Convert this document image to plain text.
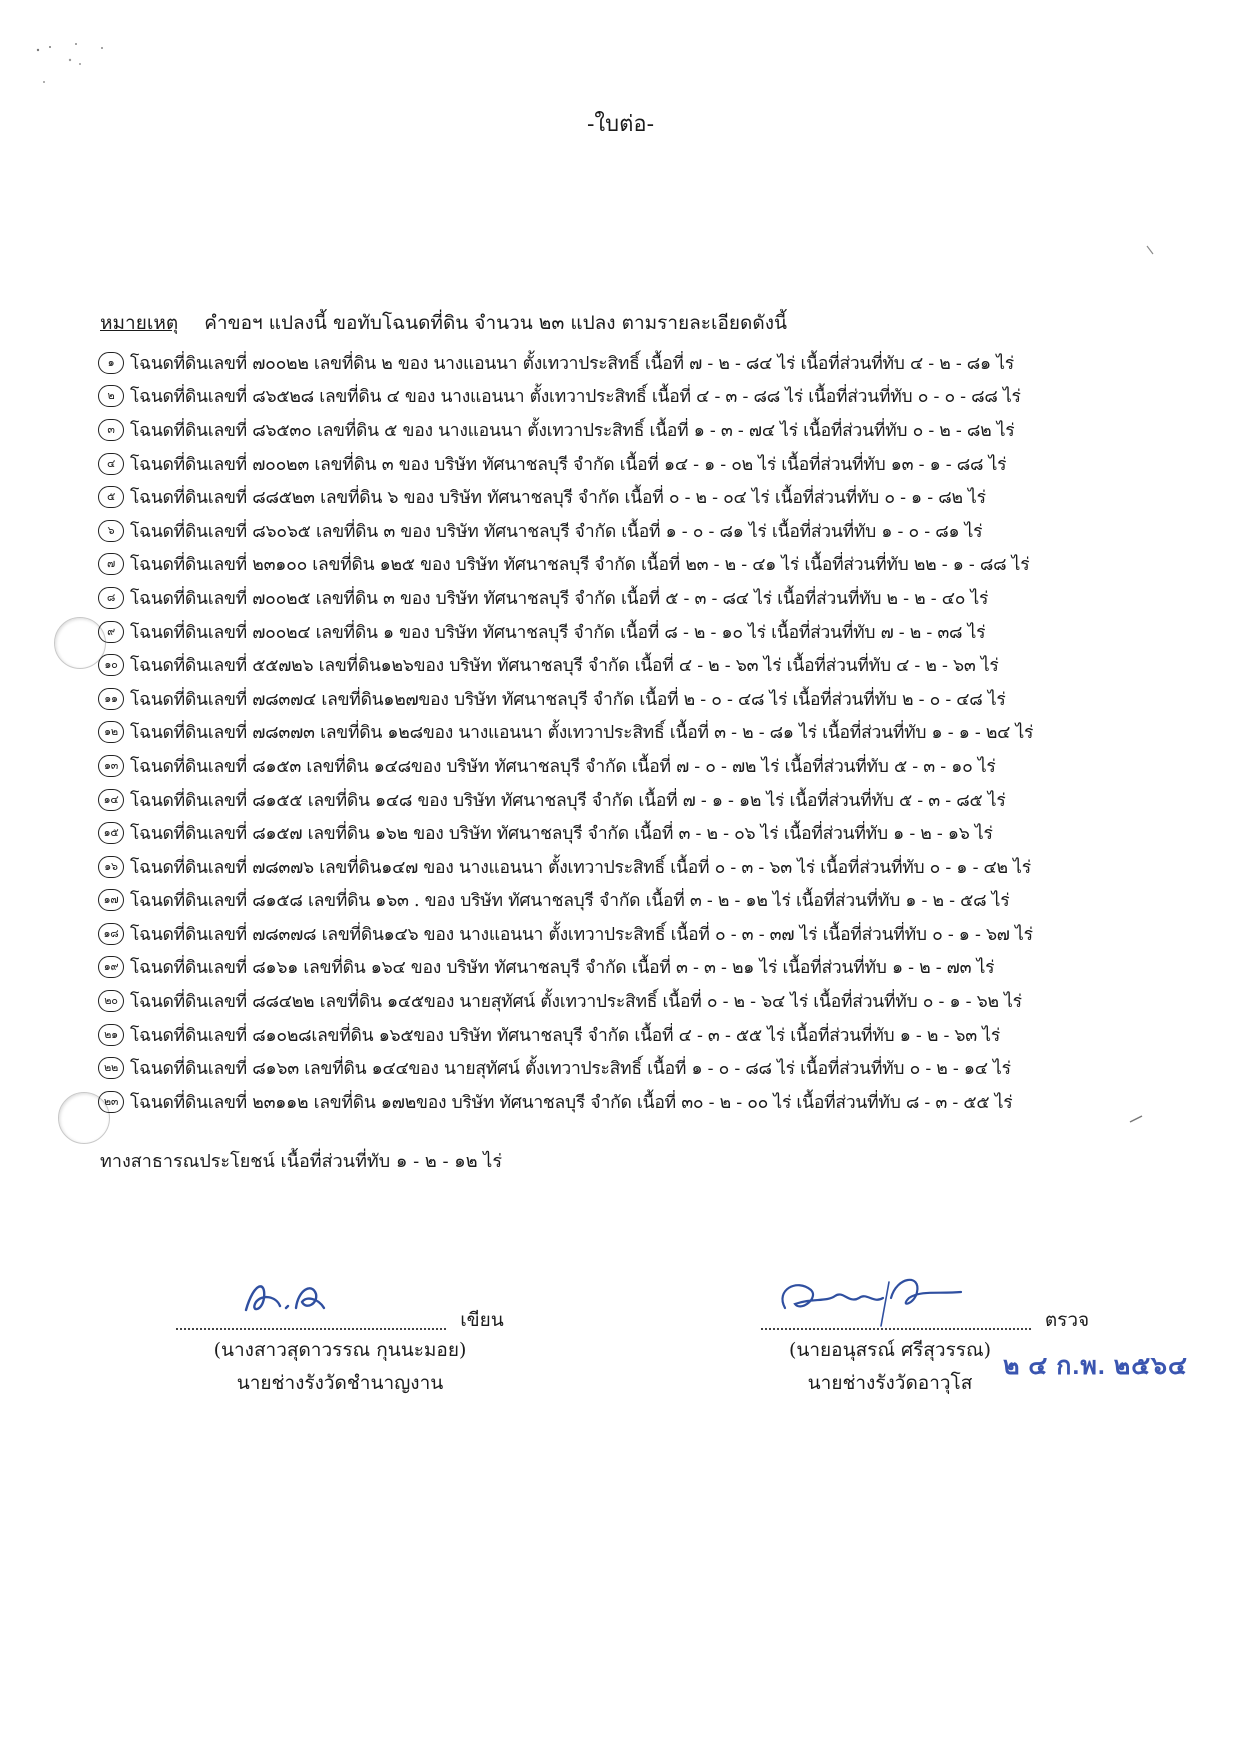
-ใบต่อ-
หมายเหตุ คำขอฯ แปลงนี้ ขอทับโฉนดที่ดิน จำนวน ๒๓ แปลง ตามรายละเอียดดังนี้
๑ โฉนดที่ดินเลขที่ ๗๐๐๒๒ เลขที่ดิน ๒ ของ นางแอนนา ตั้งเทวาประสิทธิ์ เนื้อที่ ๗ - ๒ - ๘๔ ไร่ เนื้อที่ส่วนที่ทับ ๔ - ๒ - ๘๑ ไร่
๒ โฉนดที่ดินเลขที่ ๘๖๕๒๘ เลขที่ดิน ๔ ของ นางแอนนา ตั้งเทวาประสิทธิ์ เนื้อที่ ๔ - ๓ - ๘๘ ไร่ เนื้อที่ส่วนที่ทับ ๐ - ๐ - ๘๘ ไร่
๓ โฉนดที่ดินเลขที่ ๘๖๕๓๐ เลขที่ดิน ๕ ของ นางแอนนา ตั้งเทวาประสิทธิ์ เนื้อที่ ๑ - ๓ - ๗๔ ไร่ เนื้อที่ส่วนที่ทับ ๐ - ๒ - ๘๒ ไร่
๔ โฉนดที่ดินเลขที่ ๗๐๐๒๓ เลขที่ดิน ๓ ของ บริษัท ทัศนาชลบุรี จำกัด เนื้อที่ ๑๔ - ๑ - ๐๒ ไร่ เนื้อที่ส่วนที่ทับ ๑๓ - ๑ - ๘๘ ไร่
๕ โฉนดที่ดินเลขที่ ๘๘๕๒๓ เลขที่ดิน ๖ ของ บริษัท ทัศนาชลบุรี จำกัด เนื้อที่ ๐ - ๒ - ๐๔ ไร่ เนื้อที่ส่วนที่ทับ ๐ - ๑ - ๘๒ ไร่
๖ โฉนดที่ดินเลขที่ ๘๖๐๖๕ เลขที่ดิน ๓ ของ บริษัท ทัศนาชลบุรี จำกัด เนื้อที่ ๑ - ๐ - ๘๑ ไร่ เนื้อที่ส่วนที่ทับ ๑ - ๐ - ๘๑ ไร่
๗ โฉนดที่ดินเลขที่ ๒๓๑๐๐ เลขที่ดิน ๑๒๕ ของ บริษัท ทัศนาชลบุรี จำกัด เนื้อที่ ๒๓ - ๒ - ๔๑ ไร่ เนื้อที่ส่วนที่ทับ ๒๒ - ๑ - ๘๘ ไร่
๘ โฉนดที่ดินเลขที่ ๗๐๐๒๕ เลขที่ดิน ๓ ของ บริษัท ทัศนาชลบุรี จำกัด เนื้อที่ ๕ - ๓ - ๘๔ ไร่ เนื้อที่ส่วนที่ทับ ๒ - ๒ - ๔๐ ไร่
๙ โฉนดที่ดินเลขที่ ๗๐๐๒๔ เลขที่ดิน ๑ ของ บริษัท ทัศนาชลบุรี จำกัด เนื้อที่ ๘ - ๒ - ๑๐ ไร่ เนื้อที่ส่วนที่ทับ ๗ - ๒ - ๓๘ ไร่
๑๐ โฉนดที่ดินเลขที่ ๕๕๗๒๖ เลขที่ดิน๑๒๖ของ บริษัท ทัศนาชลบุรี จำกัด เนื้อที่ ๔ - ๒ - ๖๓ ไร่ เนื้อที่ส่วนที่ทับ ๔ - ๒ - ๖๓ ไร่
๑๑ โฉนดที่ดินเลขที่ ๗๘๓๗๔ เลขที่ดิน๑๒๗ของ บริษัท ทัศนาชลบุรี จำกัด เนื้อที่ ๒ - ๐ - ๔๘ ไร่ เนื้อที่ส่วนที่ทับ ๒ - ๐ - ๔๘ ไร่
๑๒ โฉนดที่ดินเลขที่ ๗๘๓๗๓ เลขที่ดิน ๑๒๘ของ นางแอนนา ตั้งเทวาประสิทธิ์ เนื้อที่ ๓ - ๒ - ๘๑ ไร่ เนื้อที่ส่วนที่ทับ ๑ - ๑ - ๒๔ ไร่
๑๓ โฉนดที่ดินเลขที่ ๘๑๕๓ เลขที่ดิน ๑๔๘ของ บริษัท ทัศนาชลบุรี จำกัด เนื้อที่ ๗ - ๐ - ๗๒ ไร่ เนื้อที่ส่วนที่ทับ ๕ - ๓ - ๑๐ ไร่
๑๔ โฉนดที่ดินเลขที่ ๘๑๕๕ เลขที่ดิน ๑๔๘ ของ บริษัท ทัศนาชลบุรี จำกัด เนื้อที่ ๗ - ๑ - ๑๒ ไร่ เนื้อที่ส่วนที่ทับ ๕ - ๓ - ๘๕ ไร่
๑๕ โฉนดที่ดินเลขที่ ๘๑๕๗ เลขที่ดิน ๑๖๒ ของ บริษัท ทัศนาชลบุรี จำกัด เนื้อที่ ๓ - ๒ - ๐๖ ไร่ เนื้อที่ส่วนที่ทับ ๑ - ๒ - ๑๖ ไร่
๑๖ โฉนดที่ดินเลขที่ ๗๘๓๗๖ เลขที่ดิน๑๔๗ ของ นางแอนนา ตั้งเทวาประสิทธิ์ เนื้อที่ ๐ - ๓ - ๖๓ ไร่ เนื้อที่ส่วนที่ทับ ๐ - ๑ - ๔๒ ไร่
๑๗ โฉนดที่ดินเลขที่ ๘๑๕๘ เลขที่ดิน ๑๖๓ . ของ บริษัท ทัศนาชลบุรี จำกัด เนื้อที่ ๓ - ๒ - ๑๒ ไร่ เนื้อที่ส่วนที่ทับ ๑ - ๒ - ๕๘ ไร่
๑๘ โฉนดที่ดินเลขที่ ๗๘๓๗๘ เลขที่ดิน๑๔๖ ของ นางแอนนา ตั้งเทวาประสิทธิ์ เนื้อที่ ๐ - ๓ - ๓๗ ไร่ เนื้อที่ส่วนที่ทับ ๐ - ๑ - ๖๗ ไร่
๑๙ โฉนดที่ดินเลขที่ ๘๑๖๑ เลขที่ดิน ๑๖๔ ของ บริษัท ทัศนาชลบุรี จำกัด เนื้อที่ ๓ - ๓ - ๒๑ ไร่ เนื้อที่ส่วนที่ทับ ๑ - ๒ - ๗๓ ไร่
๒๐ โฉนดที่ดินเลขที่ ๘๘๔๒๒ เลขที่ดิน ๑๔๕ของ นายสุทัศน์ ตั้งเทวาประสิทธิ์ เนื้อที่ ๐ - ๒ - ๖๔ ไร่ เนื้อที่ส่วนที่ทับ ๐ - ๑ - ๖๒ ไร่
๒๑ โฉนดที่ดินเลขที่ ๘๑๐๒๘เลขที่ดิน ๑๖๕ของ บริษัท ทัศนาชลบุรี จำกัด เนื้อที่ ๔ - ๓ - ๕๕ ไร่ เนื้อที่ส่วนที่ทับ ๑ - ๒ - ๖๓ ไร่
๒๒ โฉนดที่ดินเลขที่ ๘๑๖๓ เลขที่ดิน ๑๔๔ของ นายสุทัศน์ ตั้งเทวาประสิทธิ์ เนื้อที่ ๑ - ๐ - ๘๘ ไร่ เนื้อที่ส่วนที่ทับ ๐ - ๒ - ๑๔ ไร่
๒๓ โฉนดที่ดินเลขที่ ๒๓๑๑๒ เลขที่ดิน ๑๗๒ของ บริษัท ทัศนาชลบุรี จำกัด เนื้อที่ ๓๐ - ๒ - ๐๐ ไร่ เนื้อที่ส่วนที่ทับ ๘ - ๓ - ๕๕ ไร่
ทางสาธารณประโยชน์ เนื้อที่ส่วนที่ทับ ๑ - ๒ - ๑๒ ไร่
เขียน
(นางสาวสุดาวรรณ กุนนะมอย)
นายช่างรังวัดชำนาญงาน
ตรวจ
(นายอนุสรณ์ ศรีสุวรรณ)
นายช่างรังวัดอาวุโส
๒ ๔ ก.พ. ๒๕๖๔
